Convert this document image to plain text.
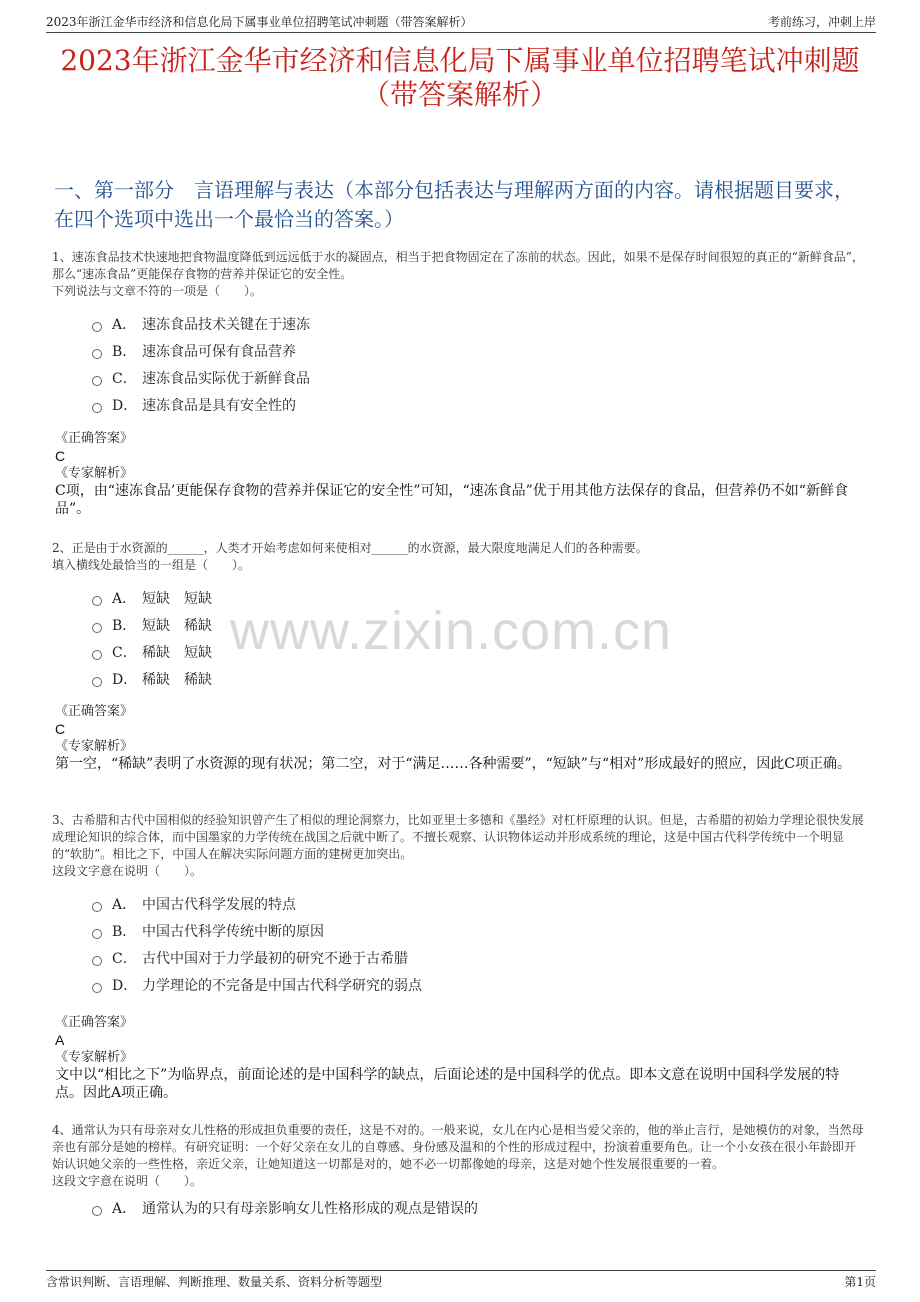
2023年浙江金华市经济和信息化局下属事业单位招聘笔试冲刺题（带答案解析）	考前练习，冲刺上岸
2023年浙江金华市经济和信息化局下属事业单位招聘笔试冲刺题（带答案解析）
一、第一部分　言语理解与表达（本部分包括表达与理解两方面的内容。请根据题目要求，在四个选项中选出一个最恰当的答案。）
www.zixin.com.cn

1、速冻食品技术快速地把食物温度降低到远远低于水的凝固点，相当于把食物固定在了冻前的状态。因此，如果不是保存时间很短的真正的“新鲜食品”，那么“速冻食品”更能保存食物的营养并保证它的安全性。

下列说法与文章不符的一项是（　　）。

A． 速冻食品技术关键在于速冻
B． 速冻食品可保有食品营养
C． 速冻食品实际优于新鲜食品
D． 速冻食品是具有安全性的
《正确答案》
C
《专家解析》
C项，由“速冻食品’更能保存食物的营养并保证它的安全性”可知，“速冻食品”优于用其他方法保存的食品，但营养仍不如“新鲜食品”。

2、正是由于水资源的______，人类才开始考虑如何来使相对______的水资源，最大限度地满足人们的各种需要。

填入横线处最恰当的一组是（　　）。

A． 短缺　短缺
B． 短缺　稀缺
C． 稀缺　短缺
D． 稀缺　稀缺
《正确答案》
C
《专家解析》
第一空，“稀缺”表明了水资源的现有状况；第二空，对于“满足……各种需要”，“短缺”与“相对”形成最好的照应，因此C项正确。

3、古希腊和古代中国相似的经验知识曾产生了相似的理论洞察力，比如亚里士多德和《墨经》对杠杆原理的认识。但是，古希腊的初始力学理论很快发展成理论知识的综合体，而中国墨家的力学传统在战国之后就中断了。不擅长观察、认识物体运动并形成系统的理论，这是中国古代科学传统中一个明显的“软肋”。相比之下，中国人在解决实际问题方面的建树更加突出。

这段文字意在说明（　　）。

A． 中国古代科学发展的特点
B． 中国古代科学传统中断的原因
C． 古代中国对于力学最初的研究不逊于古希腊
D． 力学理论的不完备是中国古代科学研究的弱点
《正确答案》
A
《专家解析》
文中以“相比之下”为临界点，前面论述的是中国科学的缺点，后面论述的是中国科学的优点。即本文意在说明中国科学发展的特点。因此A项正确。

4、通常认为只有母亲对女儿性格的形成担负重要的责任，这是不对的。一般来说，女儿在内心是相当爱父亲的，他的举止言行，是她模仿的对象，当然母亲也有部分是她的榜样。有研究证明：一个好父亲在女儿的自尊感、身份感及温和的个性的形成过程中，扮演着重要角色。让一个小女孩在很小年龄即开始认识她父亲的一些性格，亲近父亲，让她知道这一切都是对的，她不必一切都像她的母亲，这是对她个性发展很重要的一着。

这段文字意在说明（　　）。

A． 通常认为的只有母亲影响女儿性格形成的观点是错误的
含常识判断、言语理解、判断推理、数量关系、资料分析等题型	第1页
